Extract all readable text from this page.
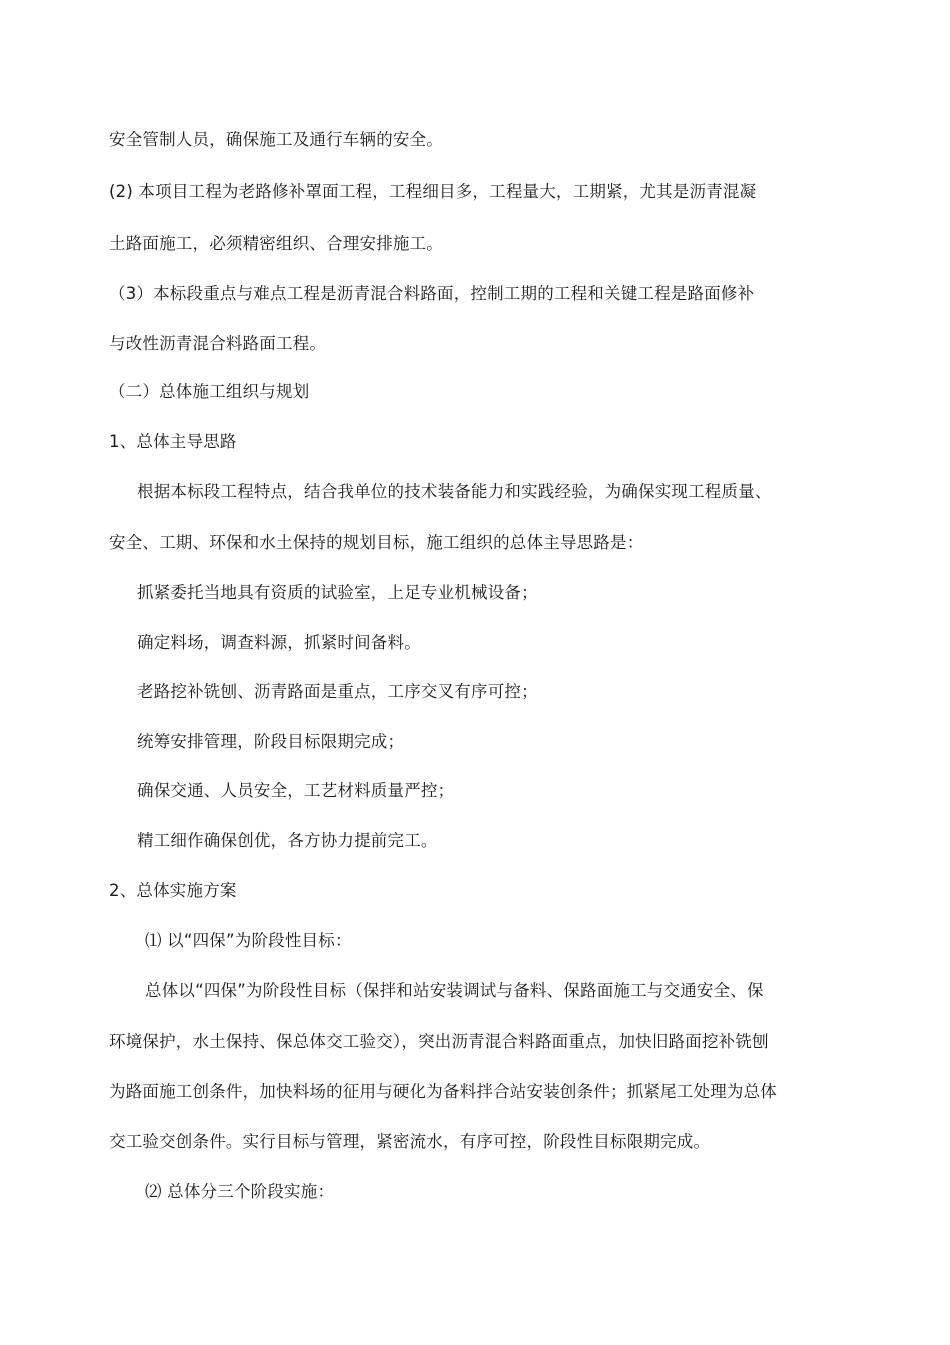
安全管制人员，确保施工及通行车辆的安全。
(2) 本项目工程为老路修补罩面工程，工程细目多，工程量大，工期紧，尤其是沥青混凝
土路面施工，必须精密组织、合理安排施工。
（3）本标段重点与难点工程是沥青混合料路面，控制工期的工程和关键工程是路面修补
与改性沥青混合料路面工程。
（二）总体施工组织与规划
1、总体主导思路
根据本标段工程特点，结合我单位的技术装备能力和实践经验，为确保实现工程质量、
安全、工期、环保和水土保持的规划目标，施工组织的总体主导思路是：
抓紧委托当地具有资质的试验室，上足专业机械设备；
确定料场，调查料源，抓紧时间备料。
老路挖补铣刨、沥青路面是重点，工序交叉有序可控；
统筹安排管理，阶段目标限期完成；
确保交通、人员安全，工艺材料质量严控；
精工细作确保创优，各方协力提前完工。
2、总体实施方案
⑴ 以“四保”为阶段性目标：
总体以“四保”为阶段性目标（保拌和站安装调试与备料、保路面施工与交通安全、保
环境保护，水土保持、保总体交工验交），突出沥青混合料路面重点，加快旧路面挖补铣刨
为路面施工创条件，加快料场的征用与硬化为备料拌合站安装创条件；抓紧尾工处理为总体
交工验交创条件。实行目标与管理，紧密流水，有序可控，阶段性目标限期完成。
⑵ 总体分三个阶段实施：
